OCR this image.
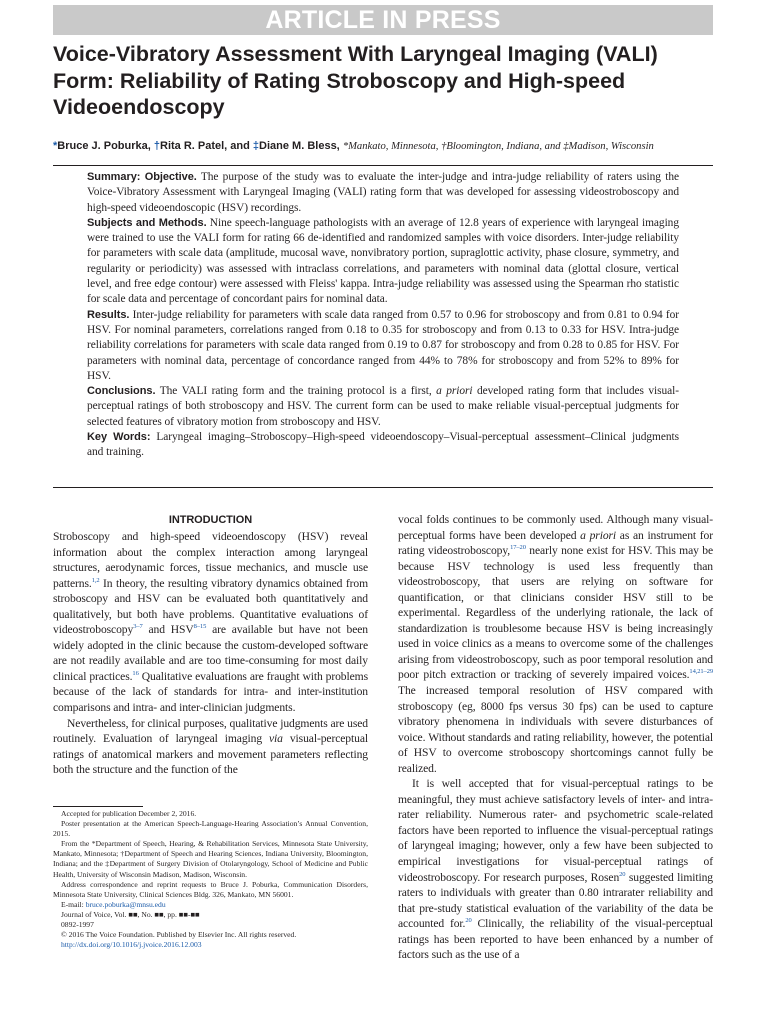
ARTICLE IN PRESS
Voice-Vibratory Assessment With Laryngeal Imaging (VALI) Form: Reliability of Rating Stroboscopy and High-speed Videoendoscopy
*Bruce J. Poburka, †Rita R. Patel, and ‡Diane M. Bless, *Mankato, Minnesota, †Bloomington, Indiana, and ‡Madison, Wisconsin

Summary: Objective. The purpose of the study was to evaluate the inter-judge and intra-judge reliability of raters using the Voice-Vibratory Assessment with Laryngeal Imaging (VALI) rating form that was developed for assessing videostroboscopy and high-speed videoendoscopic (HSV) recordings.

Subjects and Methods. Nine speech-language pathologists with an average of 12.8 years of experience with laryngeal imaging were trained to use the VALI form for rating 66 de-identified and randomized samples with voice disorders. Inter-judge reliability for parameters with scale data (amplitude, mucosal wave, nonvibratory portion, supraglottic activity, phase closure, symmetry, and regularity or periodicity) was assessed with intraclass correlations, and parameters with nominal data (glottal closure, vertical level, and free edge contour) were assessed with Fleiss' kappa. Intra-judge reliability was assessed using the Spearman rho statistic for scale data and percentage of concordant pairs for nominal data.

Results. Inter-judge reliability for parameters with scale data ranged from 0.57 to 0.96 for stroboscopy and from 0.81 to 0.94 for HSV. For nominal parameters, correlations ranged from 0.18 to 0.35 for stroboscopy and from 0.13 to 0.33 for HSV. Intra-judge reliability correlations for parameters with scale data ranged from 0.19 to 0.87 for stroboscopy and from 0.28 to 0.85 for HSV. For parameters with nominal data, percentage of concordance ranged from 44% to 78% for stroboscopy and from 52% to 89% for HSV.

Conclusions. The VALI rating form and the training protocol is a first, a priori developed rating form that includes visual-perceptual ratings of both stroboscopy and HSV. The current form can be used to make reliable visual-perceptual judgments for selected features of vibratory motion from stroboscopy and HSV.

Key Words: Laryngeal imaging–Stroboscopy–High-speed videoendoscopy–Visual-perceptual assessment–Clinical judgments and training.

INTRODUCTION

Stroboscopy and high-speed videoendoscopy (HSV) reveal information about the complex interaction among laryngeal structures, aerodynamic forces, tissue mechanics, and muscle use patterns.$^{1,2}$ In theory, the resulting vibratory dynamics obtained from stroboscopy and HSV can be evaluated both quantitatively and qualitatively, but both have problems. Quantitative evaluations of videostroboscopy$^{3-7}$ and HSV$^{8-15}$ are available but have not been widely adopted in the clinic because the custom-developed software are not readily available and are too time-consuming for most daily clinical practices.$^{16}$ Qualitative evaluations are fraught with problems because of the lack of standards for intra- and inter-institution comparisons and intra- and inter-clinician judgments.

Nevertheless, for clinical purposes, qualitative judgments are used routinely. Evaluation of laryngeal imaging via visual-perceptual ratings of anatomical markers and movement parameters reflecting both the structure and the function of the

vocal folds continues to be commonly used. Although many visual-perceptual forms have been developed a priori as an instrument for rating videostroboscopy,$^{17-20}$ nearly none exist for HSV. This may be because HSV technology is used less frequently than videostroboscopy, that users are relying on software for quantification, or that clinicians consider HSV still to be experimental. Regardless of the underlying rationale, the lack of standardization is troublesome because HSV is being increasingly used in voice clinics as a means to overcome some of the challenges arising from videostroboscopy, such as poor temporal resolution and poor pitch extraction or tracking of severely impaired voices.$^{14,21-29}$ The increased temporal resolution of HSV compared with stroboscopy (eg, 8000 fps versus 30 fps) can be used to capture vibratory phenomena in individuals with severe disturbances of voice. Without standards and rating reliability, however, the potential of HSV to overcome stroboscopy shortcomings cannot fully be realized.

It is well accepted that for visual-perceptual ratings to be meaningful, they must achieve satisfactory levels of inter- and intra-rater reliability. Numerous rater- and psychometric scale-related factors have been reported to influence the visual-perceptual ratings of laryngeal imaging; however, only a few have been subjected to empirical investigations for visual-perceptual ratings of videostroboscopy. For research purposes, Rosen$^{20}$ suggested limiting raters to individuals with greater than 0.80 intrarater reliability and that pre-study statistical evaluation of the variability of the data be accounted for.$^{20}$ Clinically, the reliability of the visual-perceptual ratings has been reported to have been enhanced by a number of factors such as the use of a

Accepted for publication December 2, 2016.

Poster presentation at the American Speech-Language-Hearing Association’s Annual Convention, 2015.

From the *Department of Speech, Hearing, & Rehabilitation Services, Minnesota State University, Mankato, Minnesota; †Department of Speech and Hearing Sciences, Indiana University, Bloomington, Indiana; and the ‡Department of Surgery Division of Otolaryngology, School of Medicine and Public Health, University of Wisconsin Madison, Madison, Wisconsin.

Address correspondence and reprint requests to Bruce J. Poburka, Communication Disorders, Minnesota State University, Clinical Sciences Bldg. 326, Mankato, MN 56001.

E-mail: bruce.poburka@mnsu.edu

Journal of Voice, Vol. ■■, No. ■■, pp. ■■-■■

0892-1997

© 2016 The Voice Foundation. Published by Elsevier Inc. All rights reserved.

http://dx.doi.org/10.1016/j.jvoice.2016.12.003
